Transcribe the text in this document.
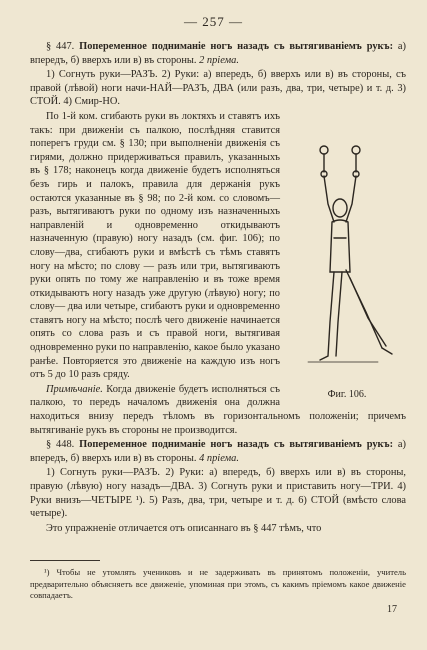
— 257 —

§ 447. Попеременное подниманіе ногъ назадъ съ вытягиваніемъ рукъ: а) впередъ, б) вверхъ или в) въ стороны. 2 пріема.

1) Согнуть руки—РАЗЪ. 2) Руки: а) впередъ, б) вверхъ или в) въ стороны, съ правой (лѣвой) ноги начи-НАЙ—РАЗЪ, ДВА (или разъ, два, три, четыре) и т. д. 3) СТОЙ. 4) Смир-НО.

Фиг. 106.

По 1-й ком. сгибають руки въ локтяхъ и ставятъ ихъ такъ: при движеніи съ палкою, послѣдняя ставится поперегъ груди см. § 130; при выполненіи движенія съ гирями, должно придерживаться правилъ, указанныхъ въ § 178; наконецъ когда движеніе будетъ исполняться безъ гирь и палокъ, правила для держанія рукъ остаются указанные въ § 98; по 2-й ком. со словомъ—разъ, вытягиваютъ руки по одному изъ назначенныхъ направленій и одновременно откидываютъ назначенную (правую) ногу назадъ (см. фиг. 106); по слову—два, сгибаютъ руки и вмѣстѣ съ тѣмъ ставятъ ногу на мѣсто; по слову — разъ или три, вытягиваютъ руки опять по тому же направленію и въ тоже время откидываютъ ногу назадъ уже другую (лѣвую) ногу; по слову— два или четыре, сгибаютъ руки и одновременно ставятъ ногу на мѣсто; послѣ чего движеніе начинается опять со слова разъ и съ правой ноги, вытягивая одновременно руки по направленію, какое было указано ранѣе. Повторяется это движеніе на каждую изъ ногъ отъ 5 до 10 разъ сряду.

Примѣчаніе. Когда движеніе будетъ исполняться съ палкою, то передъ началомъ движенія она должна находиться внизу передъ тѣломъ въ горизонтальномъ положеніи; причемъ вытягиваніе рукъ въ стороны не производится.

§ 448. Попеременное подниманіе ногъ назадъ съ вытягиваніемъ рукъ: а) впередъ, б) вверхъ или в) въ стороны. 4 пріема.

1) Согнуть руки—РАЗЪ. 2) Руки: а) впередъ, б) вверхъ или в) въ стороны, правую (лѣвую) ногу назадъ—ДВА. 3) Согнуть руки и приставить ногу—ТРИ. 4) Руки внизъ—ЧЕТЫРЕ ¹). 5) Разъ, два, три, четыре и т. д. 6) СТОЙ (вмѣсто слова четыре).

Это упражненіе отличается отъ описаннаго въ § 447 тѣмъ, что

¹) Чтобы не утомлять учениковъ и не задерживать въ принятомъ положеніи, учитель предварительно объясняетъ все движеніе, упоминая при этомъ, съ какимъ пріемомъ какое движеніе совпадаетъ.

17
